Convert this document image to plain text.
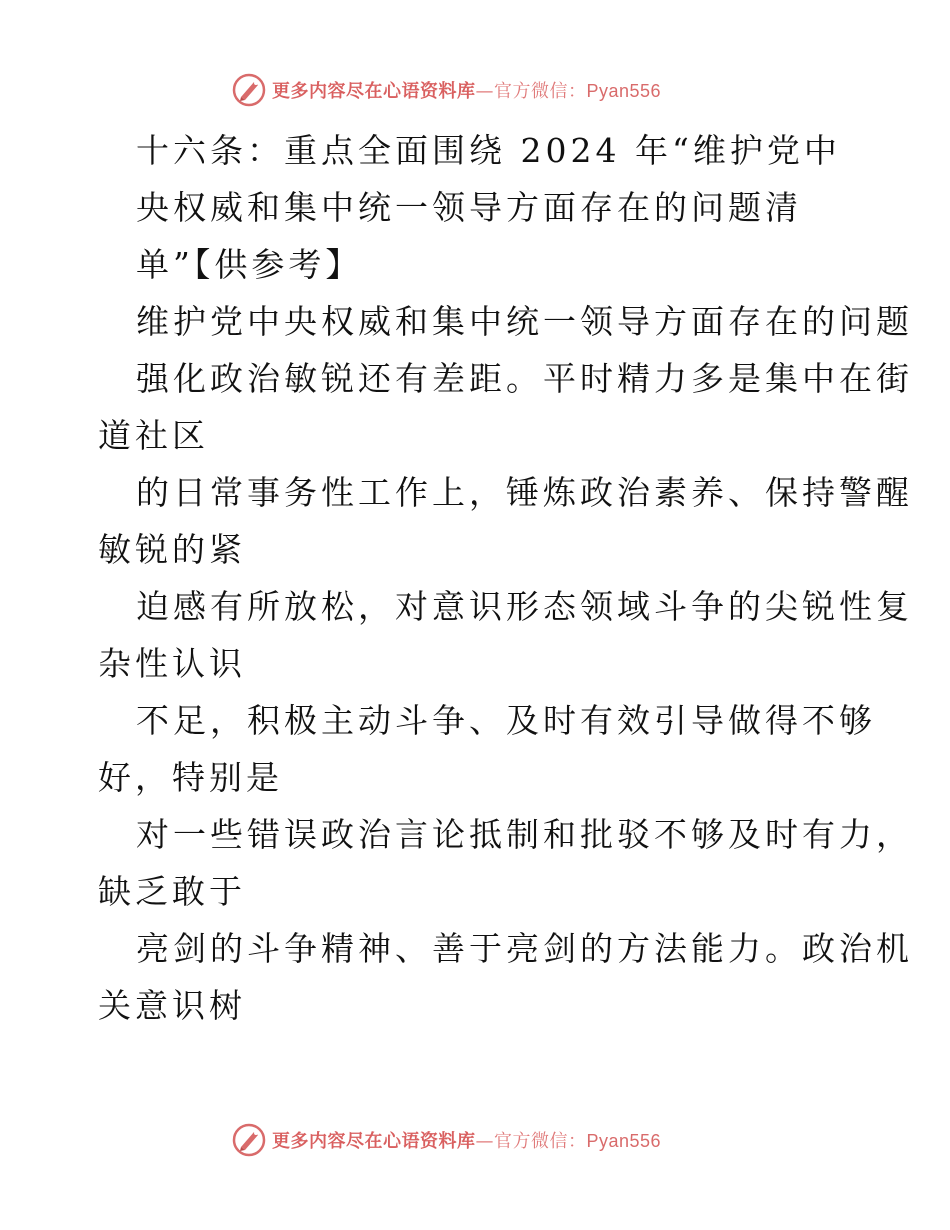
更多内容尽在心语资料库—官方微信：Pyan556
十六条：重点全面围绕 2024 年“维护党中
央权威和集中统一领导方面存在的问题清
单”【供参考】
维护党中央权威和集中统一领导方面存在的问题
强化政治敏锐还有差距。平时精力多是集中在街
道社区
的日常事务性工作上，锤炼政治素养、保持警醒
敏锐的紧
迫感有所放松，对意识形态领域斗争的尖锐性复
杂性认识
不足，积极主动斗争、及时有效引导做得不够
好，特别是
对一些错误政治言论抵制和批驳不够及时有力，
缺乏敢于
亮剑的斗争精神、善于亮剑的方法能力。政治机
关意识树
更多内容尽在心语资料库—官方微信：Pyan556
